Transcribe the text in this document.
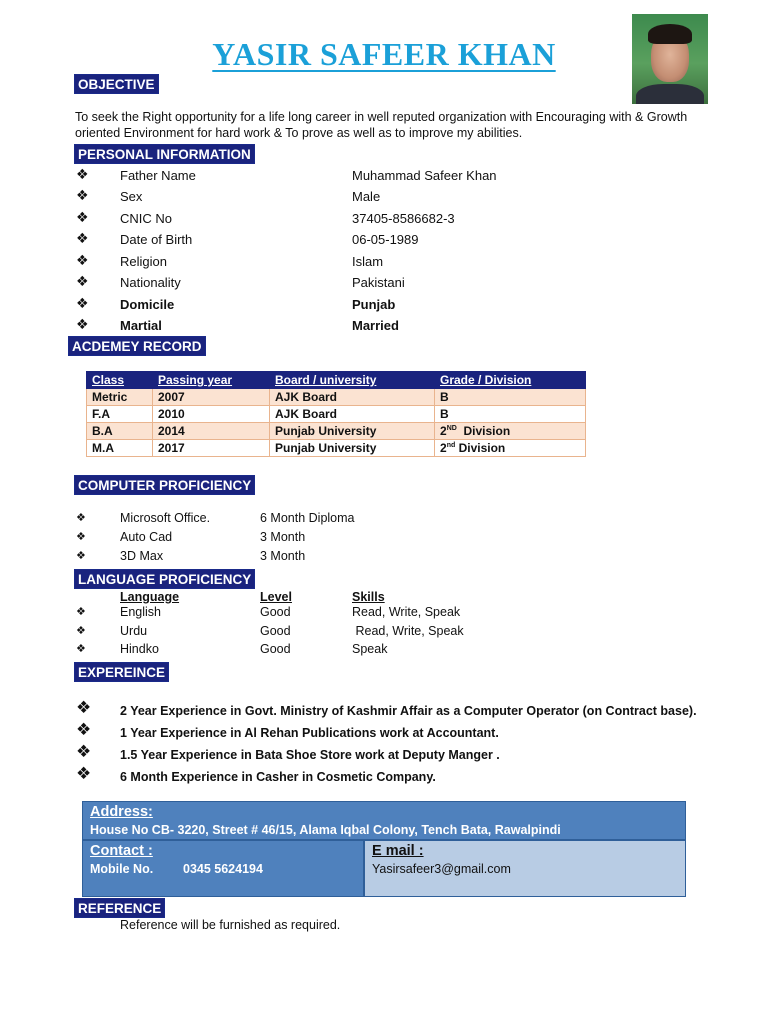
YASIR SAFEER KHAN
OBJECTIVE
To seek the Right opportunity for a life long career in well reputed organization with Encouraging with & Growth oriented Environment for hard work & To prove as well as to improve my abilities.
PERSONAL INFORMATION
❖ Father Name	Muhammad Safeer Khan
❖ Sex	Male
❖ CNIC No	37405-8586682-3
❖ Date of Birth	06-05-1989
❖ Religion	Islam
❖ Nationality	Pakistani
❖ Domicile	Punjab
❖ Martial	Married
ACDEMEY RECORD
Class	Passing year	Board / university	Grade / Division
Metric	2007	AJK Board	B
F.A	2010	AJK Board	B
B.A	2014	Punjab University	2ND  Division
M.A	2017	Punjab University	2nd Division
COMPUTER PROFICIENCY
❖	Microsoft Office.	6 Month Diploma
❖	Auto Cad	3 Month
❖	3D Max	3 Month
LANGUAGE PROFICIENCY
Language	Level	Skills
❖	English	Good	Read, Write, Speak
❖	Urdu	Good	Read, Write, Speak
❖	Hindko	Good	Speak
EXPEREINCE
❖ 2 Year Experience in Govt. Ministry of Kashmir Affair as a Computer Operator (on Contract base).
❖ 1 Year Experience in Al Rehan Publications work at Accountant.
❖ 1.5 Year Experience in Bata Shoe Store work at Deputy Manger .
❖ 6 Month Experience in Casher in Cosmetic Company.
Address:
House No CB- 3220, Street # 46/15, Alama Iqbal Colony, Tench Bata, Rawalpindi
Contact :
Mobile No. 0345 5624194
E mail :
Yasirsafeer3@gmail.com
REFERENCE
Reference will be furnished as required.
